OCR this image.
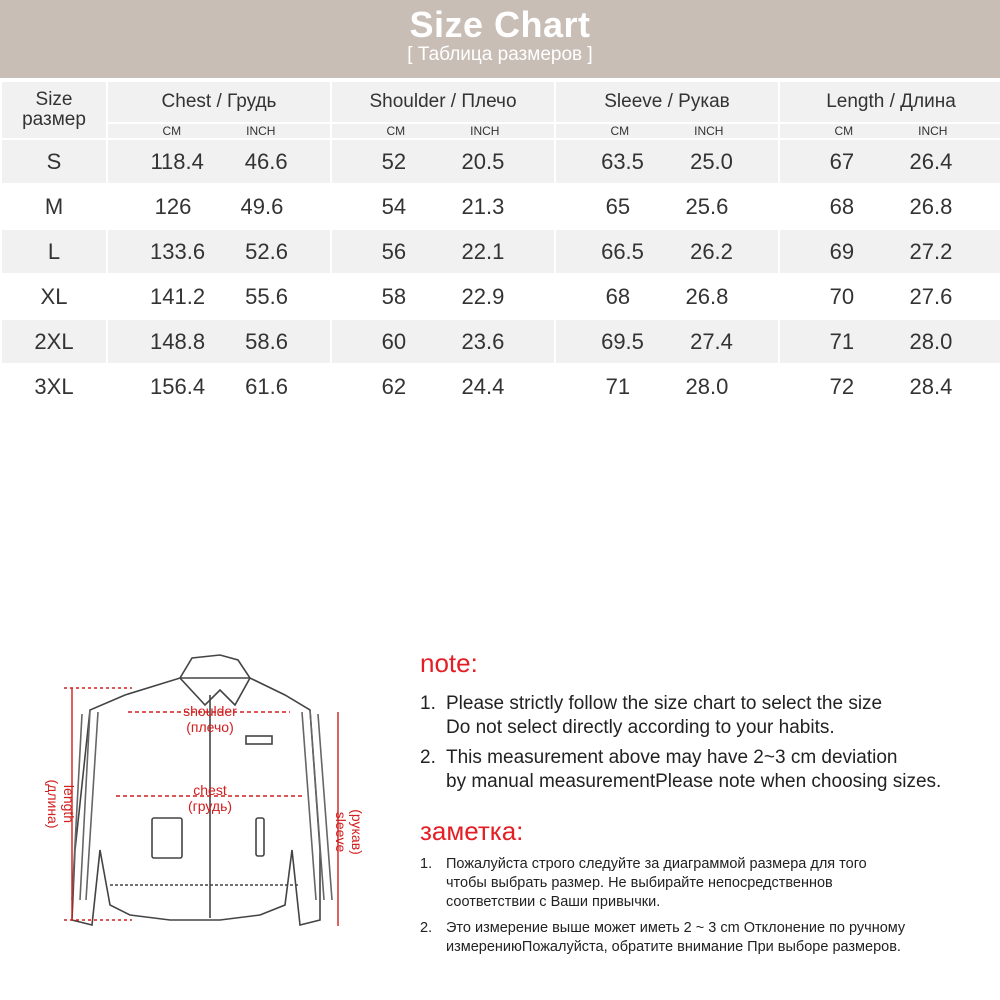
Size Chart
[ Таблица размеров ]
Size
размер	Chest / Грудь	Shoulder / Плечо	Sleeve / Рукав	Length / Длина

	CM INCH	CM INCH	CM INCH	CM INCH

S	118.4 46.6	52 20.5	63.5 25.0	67 26.4

M	126 49.6	54 21.3	65 25.6	68 26.8

L	133.6 52.6	56 22.1	66.5 26.2	69 27.2

XL	141.2 55.6	58 22.9	68 26.8	70 27.6

2XL	148.8 58.6	60 23.6	69.5 27.4	71 28.0

3XL	156.4 61.6	62 24.4	71 28.0	72 28.4
shoulder
(плечо)
chest
(грудь)
length
(длина)
sleeve (рукав)
note:
1. Please strictly follow the size chart to select the size
Do not select directly according to your habits.
2. This measurement above may have 2~3 cm deviation
by manual measurementPlease note when choosing sizes.
заметка:
1. Пожалуйста строго следуйте за диаграммой размера для того
чтобы выбрать размер. Не выбирайте непосредственнов
соответствии с Ваши привычки.
2. Это измерение выше может иметь 2 ~ 3 cm Отклонение по ручному
измерениюПожалуйста, обратите внимание При выборе размеров.
